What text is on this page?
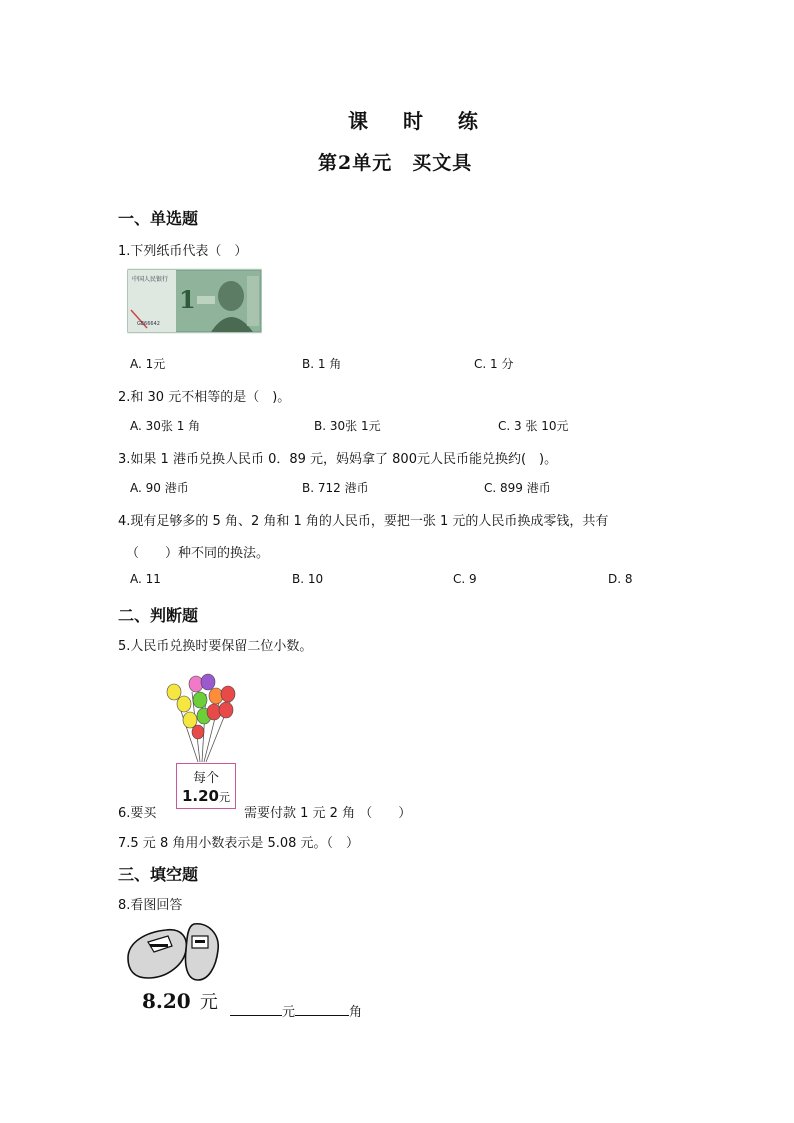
课 时 练
第2单元　买文具
一、单选题
1.下列纸币代表（　）
中国人民银行
GE66642
1
A. 1元	B. 1 角	C. 1 分
2.和 30 元不相等的是（　)。
A. 30张 1 角	B. 30张 1元	C. 3 张 10元
3.如果 1 港币兑换人民币 0．89 元，妈妈拿了 800元人民币能兑换约(　)。
A. 90 港币	B. 712 港币	C. 899 港币
4.现有足够多的 5 角、2 角和 1 角的人民币，要把一张 1 元的人民币换成零钱，共有
（　　）种不同的换法。
A. 11	B. 10	C. 9	D. 8
二、判断题
5.人民币兑换时要保留二位小数。
每个
1.20元
6.要买	需要付款 1 元 2 角 （　　）
7.5 元 8 角用小数表示是 5.08 元。（　）
三、填空题
8.看图回答
8.20 元	元	角
